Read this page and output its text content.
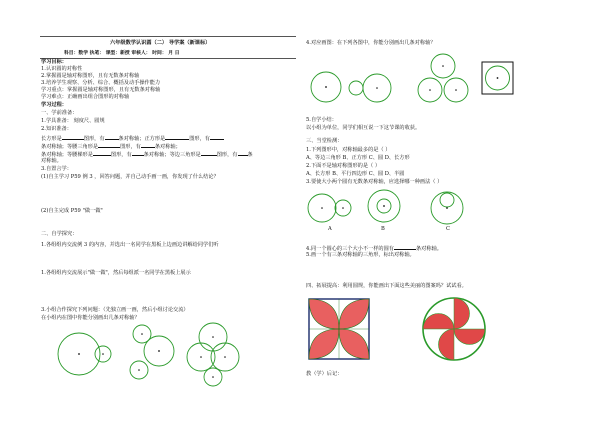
六年级数学认识圆（二） 导学案（新课标）
科目：数学 执笔： 课型：新授 审核人： 时间： 月 日
学习目标：
1.认识圆的对称性
2.掌握圆是轴对称图形，且有无数条对称轴
3.培养学生观察、分析、综合、概括及动手操作能力
学习重点：掌握圆是轴对称图形，且有无数条对称轴
学习难点：正确画出组合图形的对称轴
学习过程：
一、学前准备：
1.学具准备： 刻度尺、圆规
2.知识准备：
长方形是	图形，有	条对称轴；正方形是	图形，有
条对称轴；等腰三角形是	图形，有	条对称轴；
条对称轴；等腰梯形是	图形，有 条对称轴；等边三角形是	图形，有 条
对称轴。
3.自置言学：
(1)自主学习 P59 例 3 ，回答问题，并自己动手画一画，你发现了什么结论？
(2)自主完成 P59 "做一做"
二、自学探究：
1.各组组内交流例 3 的内容，并选出一名同学在黑板上边画边讲解给同学们听
1.各组组内交流展示"做一做"，然后每组派一名同学在黑板上展示
3.小组合作探究下列问题：（先独立画一画，然后小组讨论交流）
在小组内在图中你能分别画出几条对称轴？
4.对应画图：在下列各图中，你能分别画出几条对称轴？
5.自学小结：
以小组为单位，同学们相互说一下这节课的收获。
三、当堂检测：
1.下列图形中，对称轴最多的是（ ）
A、等边三角形 B、正方形 C、圆 D、长方形
2.下面不是轴对称图形的是（ ）
A、长方形 B、平行四边形 C、圆 D、半圆
3.要使大小两个圆有无数条对称轴，应选择哪一种画法（ ）
A	B	C
4.同一个圆心的三个大小不一样的圆有	条对称轴。
5.画一个有三条对称轴的三角形，标出对称轴。
四、拓展提高：利用圆规，你能画出下面这些美丽的图案吗？试试看。
教（学）后记：
